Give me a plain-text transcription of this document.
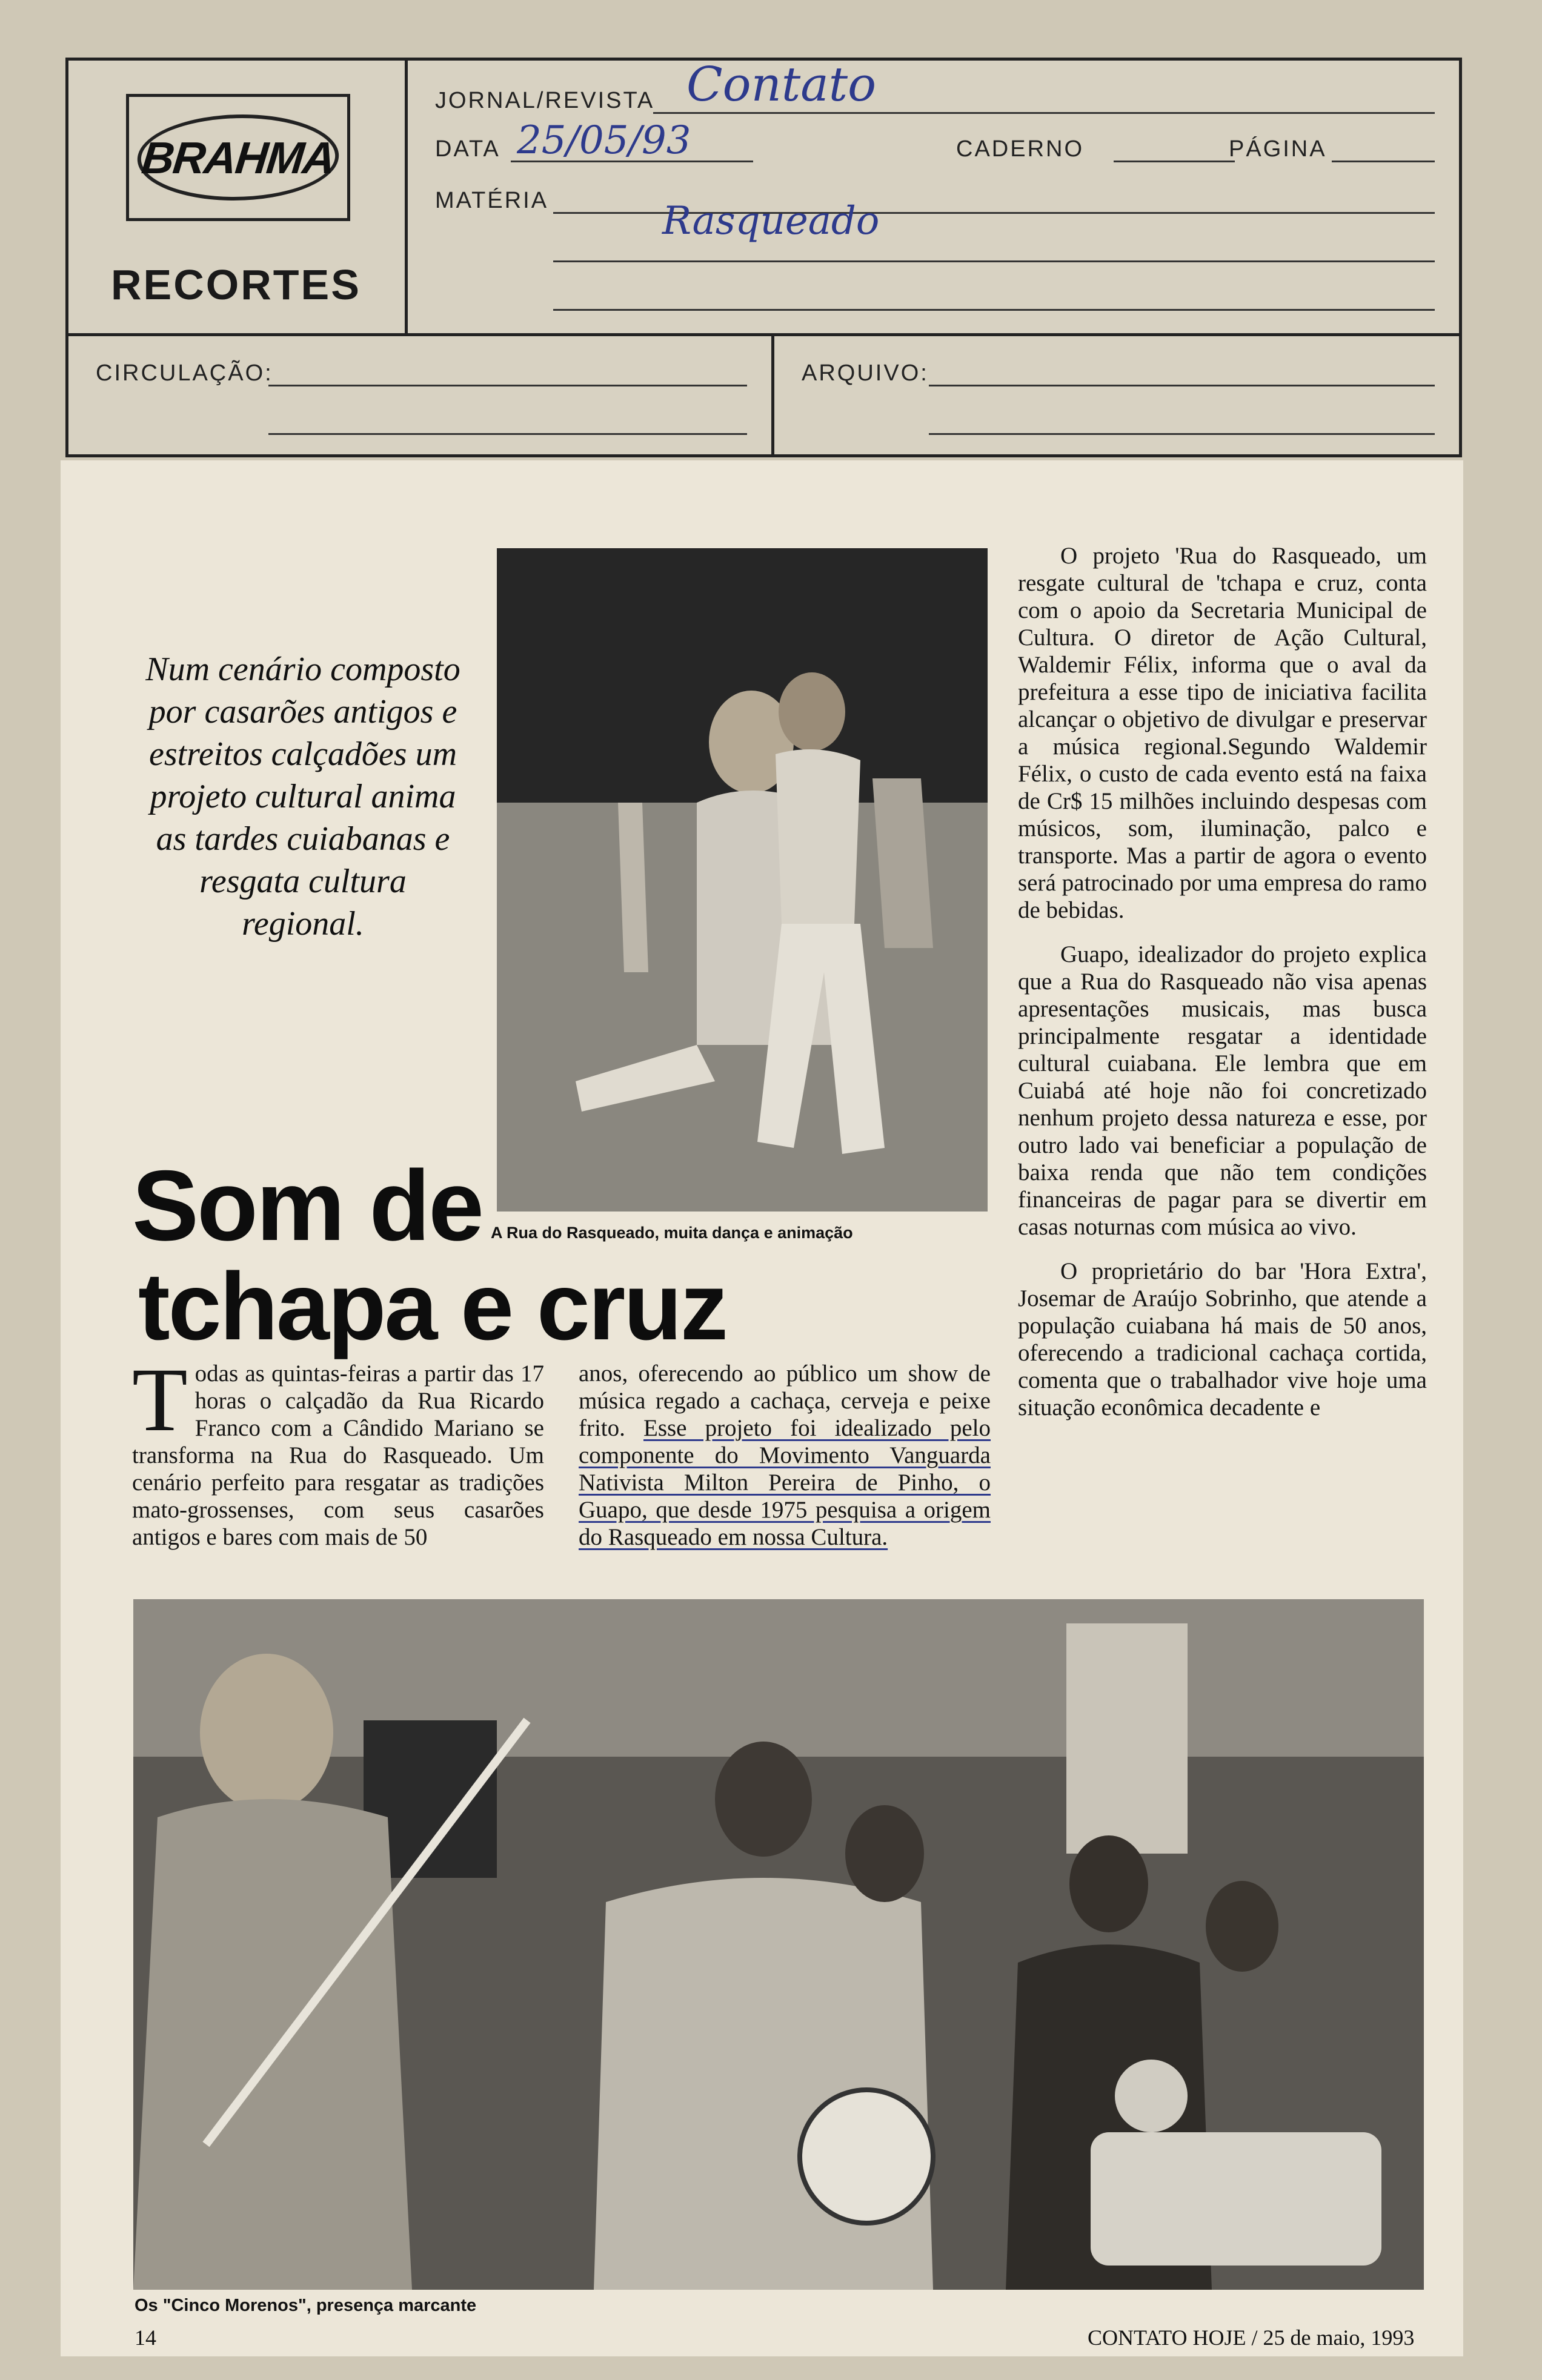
BRAHMA
RECORTES
JORNAL/REVISTA Contato
DATA 25/05/93	CADERNO	PÁGINA
MATÉRIA	Rasqueado
CIRCULAÇÃO:	ARQUIVO:
Num cenário composto por casarões antigos e estreitos calçadões um projeto cultural anima as tardes cuiabanas e resgata cultura regional.
A Rua do Rasqueado, muita dança e animação
Som de
tchapa e cruz
Todas as quintas-feiras a partir das 17 horas o calçadão da Rua Ricardo Franco com a Cândido Mariano se transforma na Rua do Rasqueado. Um cenário perfeito para resgatar as tradições mato-grossenses, com seus casarões antigos e bares com mais de 50
anos, oferecendo ao público um show de música regado a cachaça, cerveja e peixe frito. Esse projeto foi idealizado pelo componente do Movimento Vanguarda Nativista Milton Pereira de Pinho, o Guapo, que desde 1975 pesquisa a origem do Rasqueado em nossa Cultura.

O projeto 'Rua do Rasqueado, um resgate cultural de 'tchapa e cruz, conta com o apoio da Secretaria Municipal de Cultura. O diretor de Ação Cultural, Waldemir Félix, informa que o aval da prefeitura a esse tipo de iniciativa facilita alcançar o objetivo de divulgar e preservar a música regional.Segundo Waldemir Félix, o custo de cada evento está na faixa de Cr$ 15 milhões incluindo despesas com músicos, som, iluminação, palco e transporte. Mas a partir de agora o evento será patrocinado por uma empresa do ramo de bebidas.

Guapo, idealizador do projeto explica que a Rua do Rasqueado não visa apenas apresentações musicais, mas busca principalmente resgatar a identidade cultural cuiabana. Ele lembra que em Cuiabá até hoje não foi concretizado nenhum projeto dessa natureza e esse, por outro lado vai beneficiar a população de baixa renda que não tem condições financeiras de pagar para se divertir em casas noturnas com música ao vivo.

O proprietário do bar 'Hora Extra', Josemar de Araújo Sobrinho, que atende a população cuiabana há mais de 50 anos, oferecendo a tradicional cachaça cortida, comenta que o trabalhador vive hoje uma situação econômica decadente e

Os "Cinco Morenos", presença marcante
14	CONTATO HOJE / 25 de maio, 1993
